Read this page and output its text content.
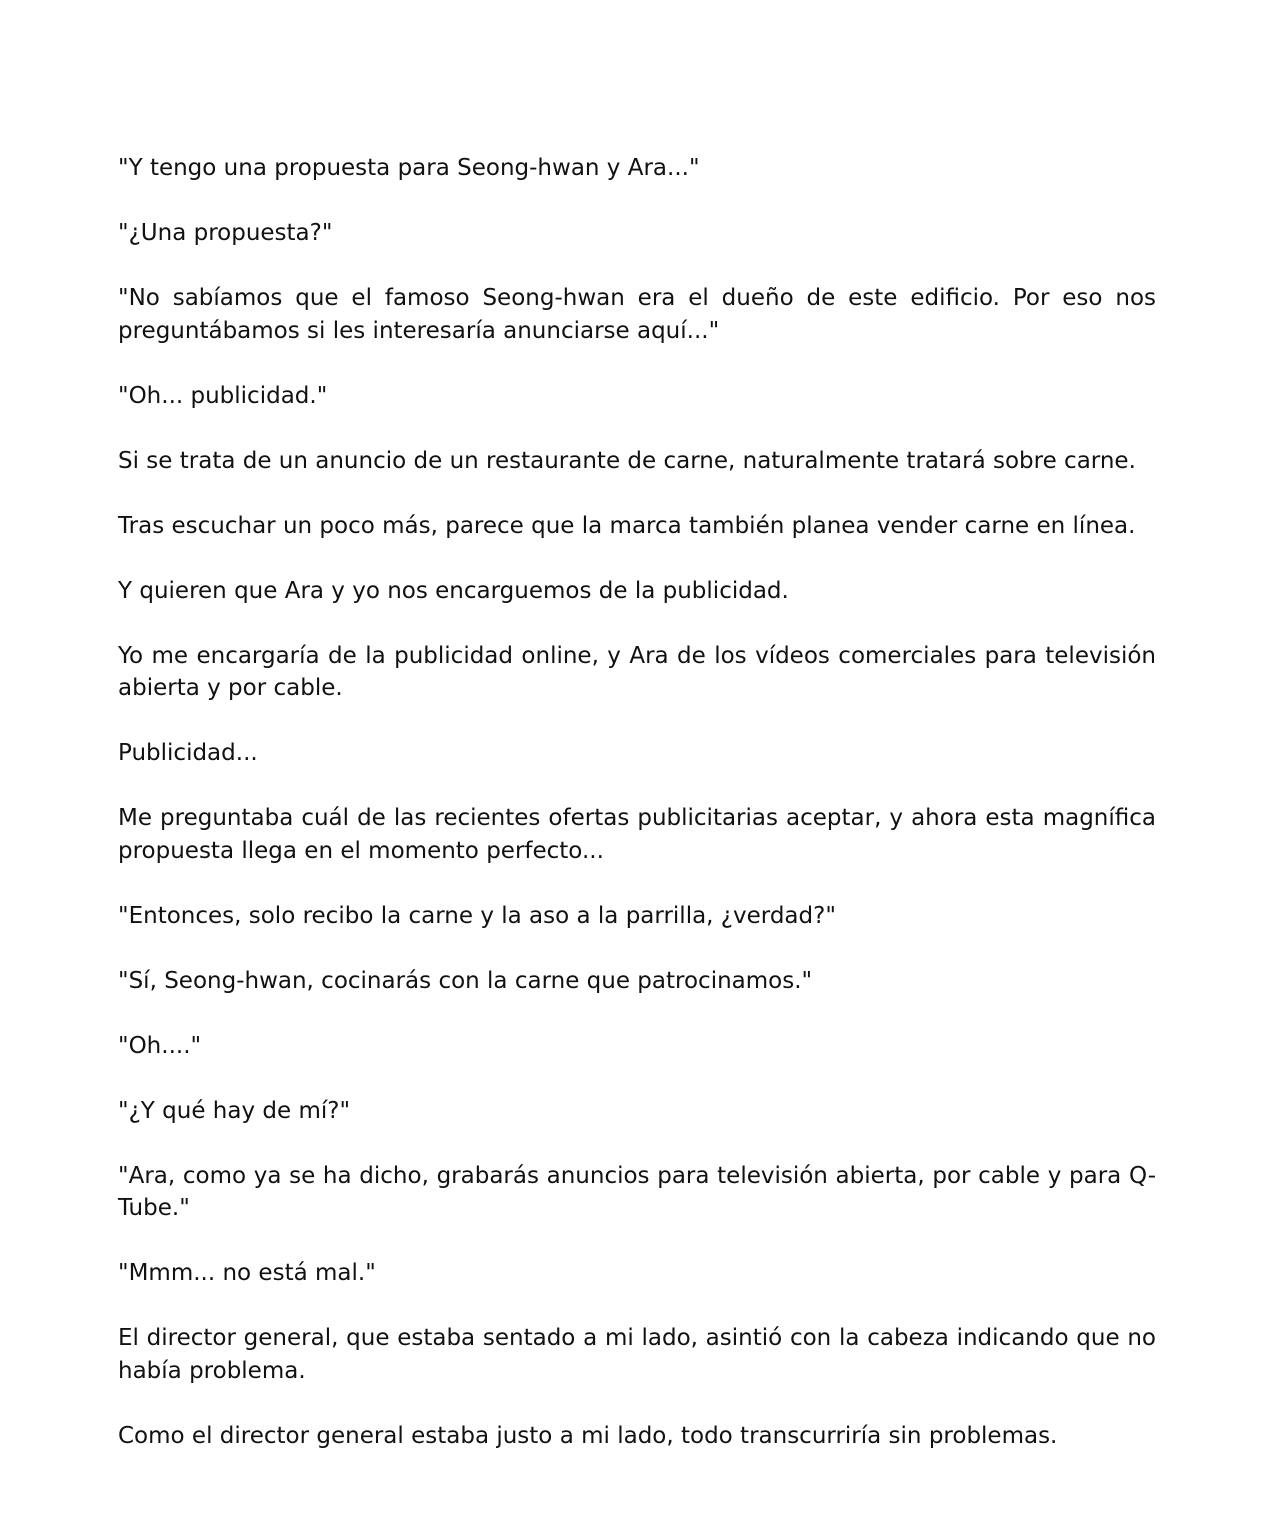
"Y tengo una propuesta para Seong-hwan y Ara..."

"¿Una propuesta?"

"No sabíamos que el famoso Seong-hwan era el dueño de este edificio. Por eso nos preguntábamos si les interesaría anunciarse aquí..."

"Oh... publicidad."

Si se trata de un anuncio de un restaurante de carne, naturalmente tratará sobre carne.

Tras escuchar un poco más, parece que la marca también planea vender carne en línea.

Y quieren que Ara y yo nos encarguemos de la publicidad.

Yo me encargaría de la publicidad online, y Ara de los vídeos comerciales para televisión abierta y por cable.

Publicidad...

Me preguntaba cuál de las recientes ofertas publicitarias aceptar, y ahora esta magnífica propuesta llega en el momento perfecto...

"Entonces, solo recibo la carne y la aso a la parrilla, ¿verdad?"

"Sí, Seong-hwan, cocinarás con la carne que patrocinamos."

"Oh...."

"¿Y qué hay de mí?"

"Ara, como ya se ha dicho, grabarás anuncios para televisión abierta, por cable y para Q-Tube."

"Mmm... no está mal."

El director general, que estaba sentado a mi lado, asintió con la cabeza indicando que no había problema.

Como el director general estaba justo a mi lado, todo transcurriría sin problemas.
